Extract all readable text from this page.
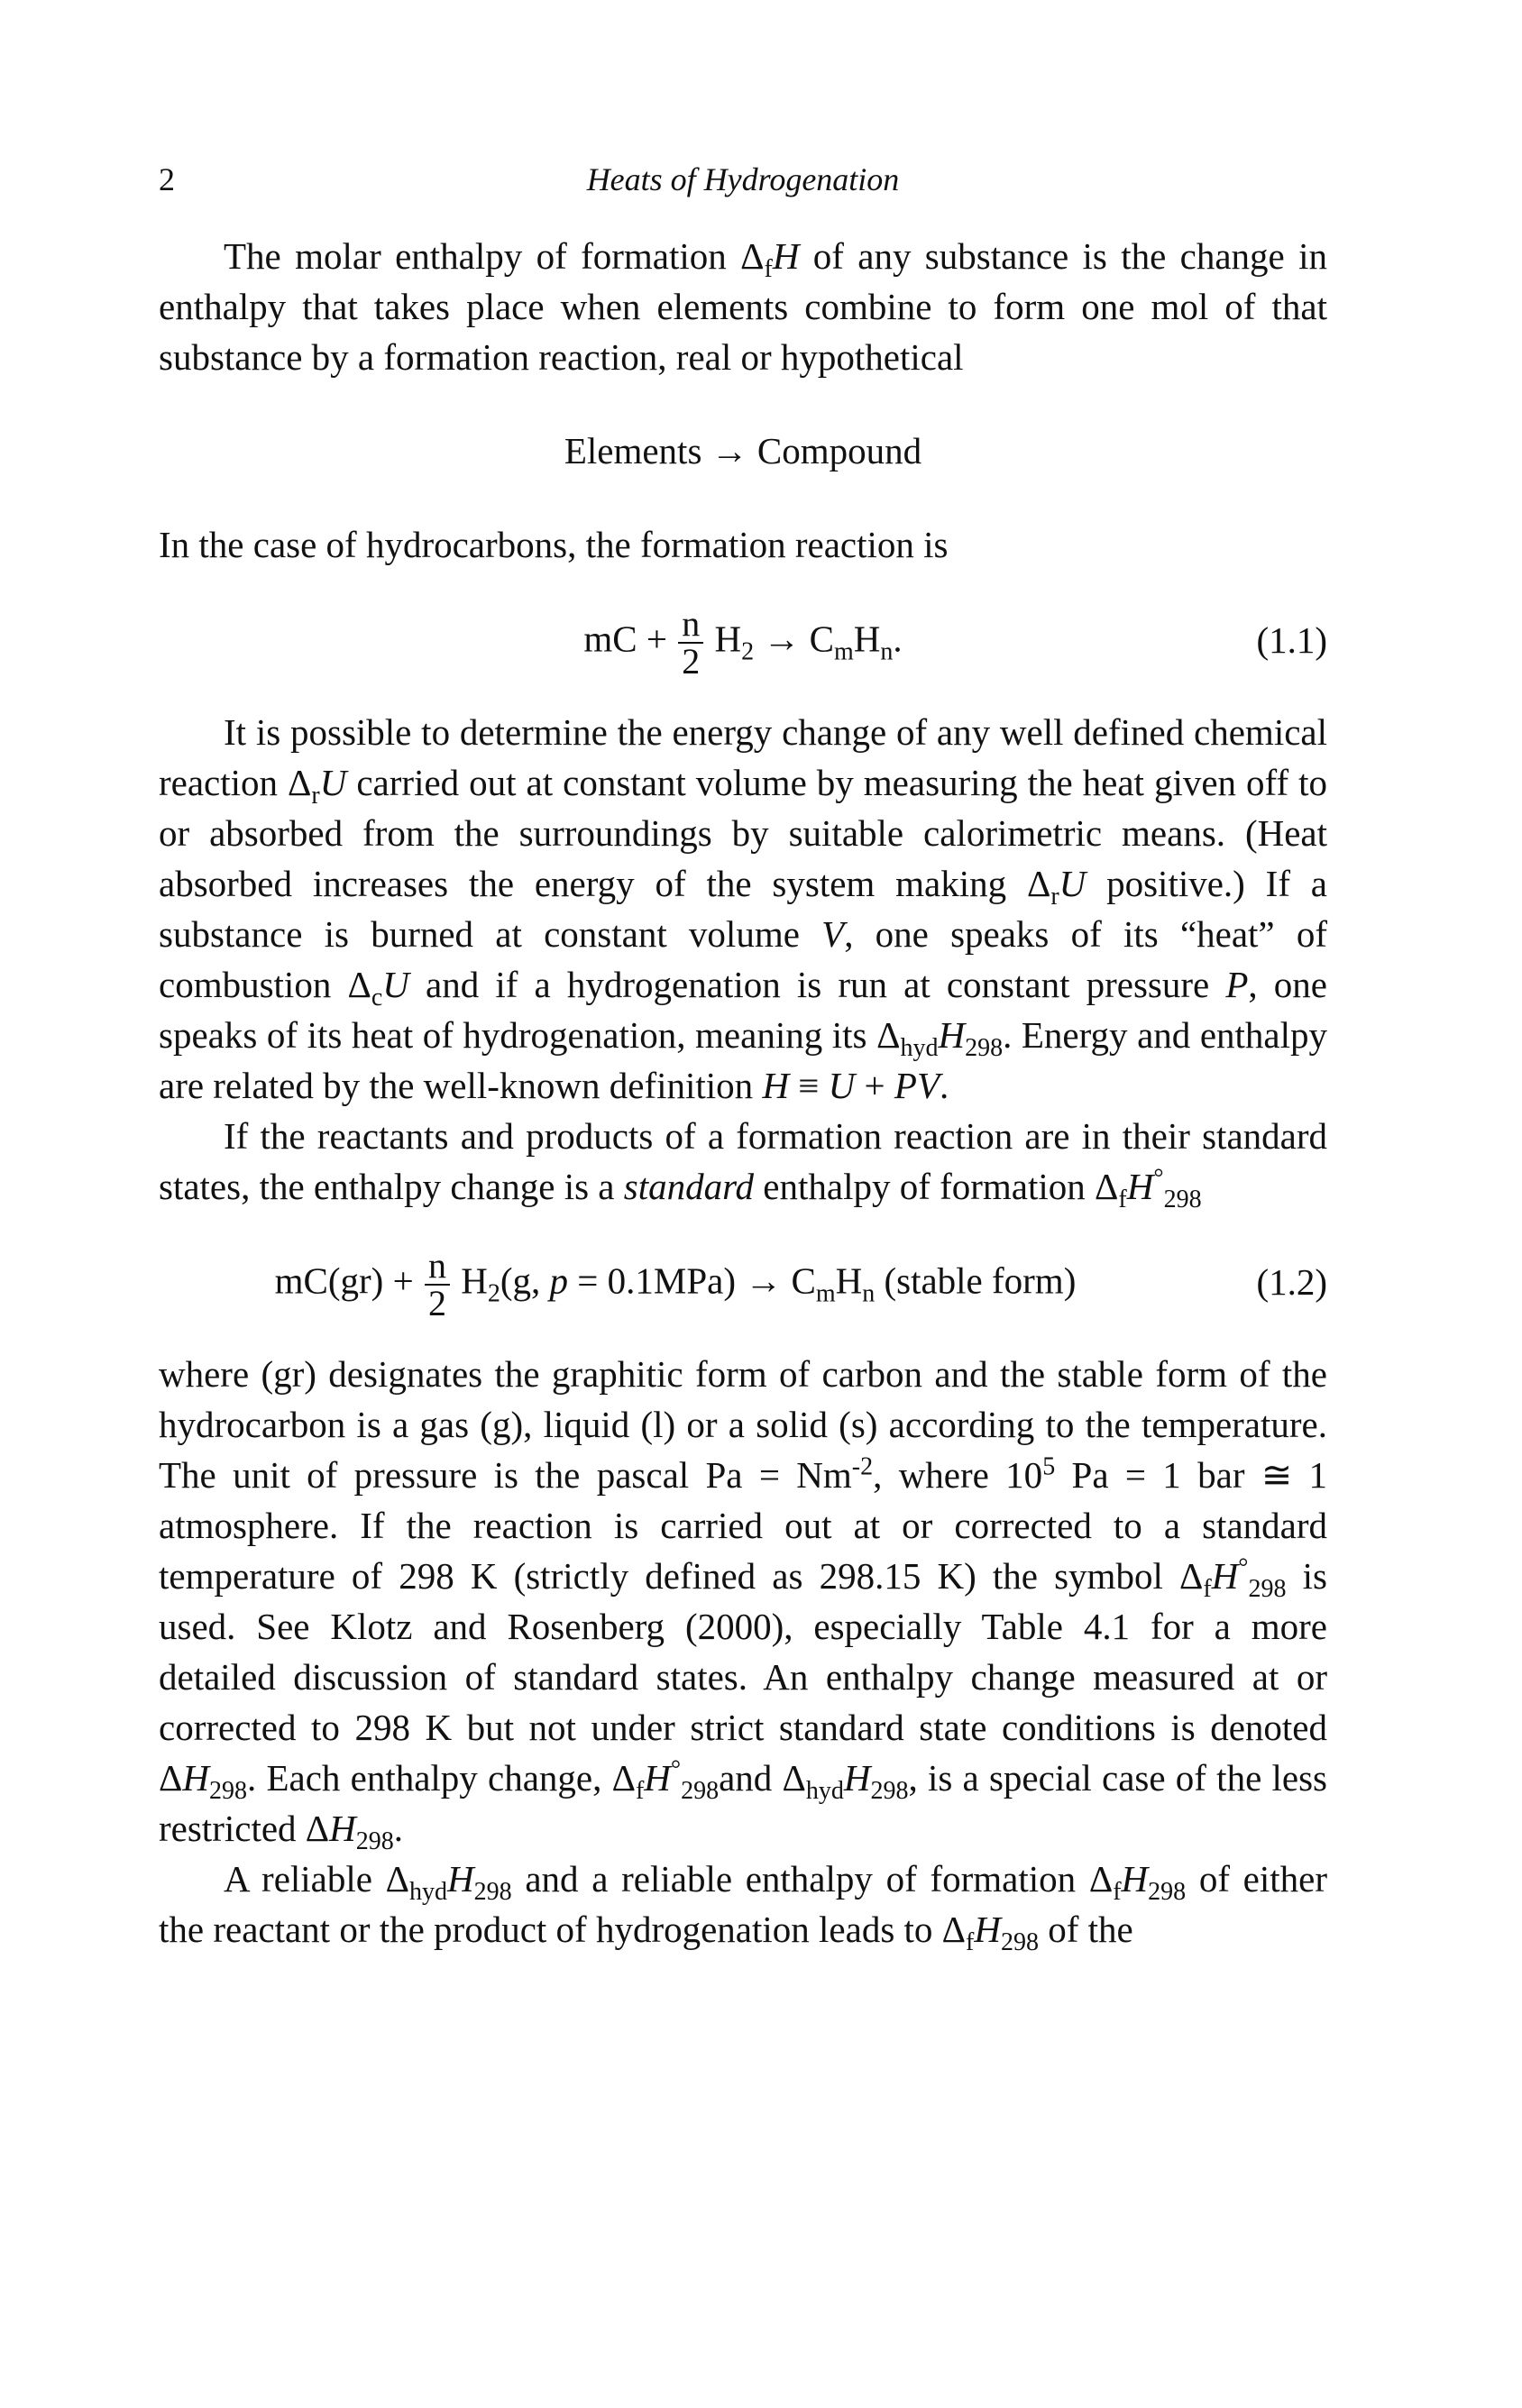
2	Heats of Hydrogenation

The molar enthalpy of formation $\Delta_fH$ of any substance is the change in enthalpy that takes place when elements combine to form one mol of that substance by a formation reaction, real or hypothetical

Elements → Compound

In the case of hydrocarbons, the formation reaction is

mC + $\frac{n}{2} H_2 \to C_mH_n$.	(1.1)

It is possible to determine the energy change of any well defined chemical reaction $\Delta_rU$ carried out at constant volume by measuring the heat given off to or absorbed from the surroundings by suitable calorimetric means. (Heat absorbed increases the energy of the system making $\Delta_rU$ positive.) If a substance is burned at constant volume V, one speaks of its “heat” of combustion $\Delta_cU$ and if a hydrogenation is run at constant pressure P, one speaks of its heat of hydrogenation, meaning its $\Delta_{hyd}H_{298}$. Energy and enthalpy are related by the well-known definition H ≡ U + PV.

If the reactants and products of a formation reaction are in their standard states, the enthalpy change is a standard enthalpy of formation $\Delta_fH^\circ_{298}$

$mC(gr) + \frac{n}{2} H_2(g$, $p = 0.1MPa) \to C_mH_n$ (stable form)	(1.2)

where (gr) designates the graphitic form of carbon and the stable form of the hydrocarbon is a gas (g), liquid (l) or a solid (s) according to the temperature. The unit of pressure is the pascal $Pa = Nm^{-2}$, where $10^5$ Pa = 1 bar ≅ 1 atmosphere. If the reaction is carried out at or corrected to a standard temperature of 298 K (strictly defined as 298.15 K) the symbol $\Delta_fH^\circ_{298}$ is used. See Klotz and Rosenberg (2000), especially Table 4.1 for a more detailed discussion of standard states. An enthalpy change measured at or corrected to 298 K but not under strict standard state conditions is denoted $\Delta H_{298}$. Each enthalpy change, $\Delta_fH^\circ_{298}and$ $\Delta_{hyd}H_{298}$, is a special case of the less restricted $\Delta H_{298}$.

A reliable $\Delta_{hyd}H_{298}$ and a reliable enthalpy of formation $\Delta_fH_{298}$ of either the reactant or the product of hydrogenation leads to $\Delta_fH_{298}$ of the
